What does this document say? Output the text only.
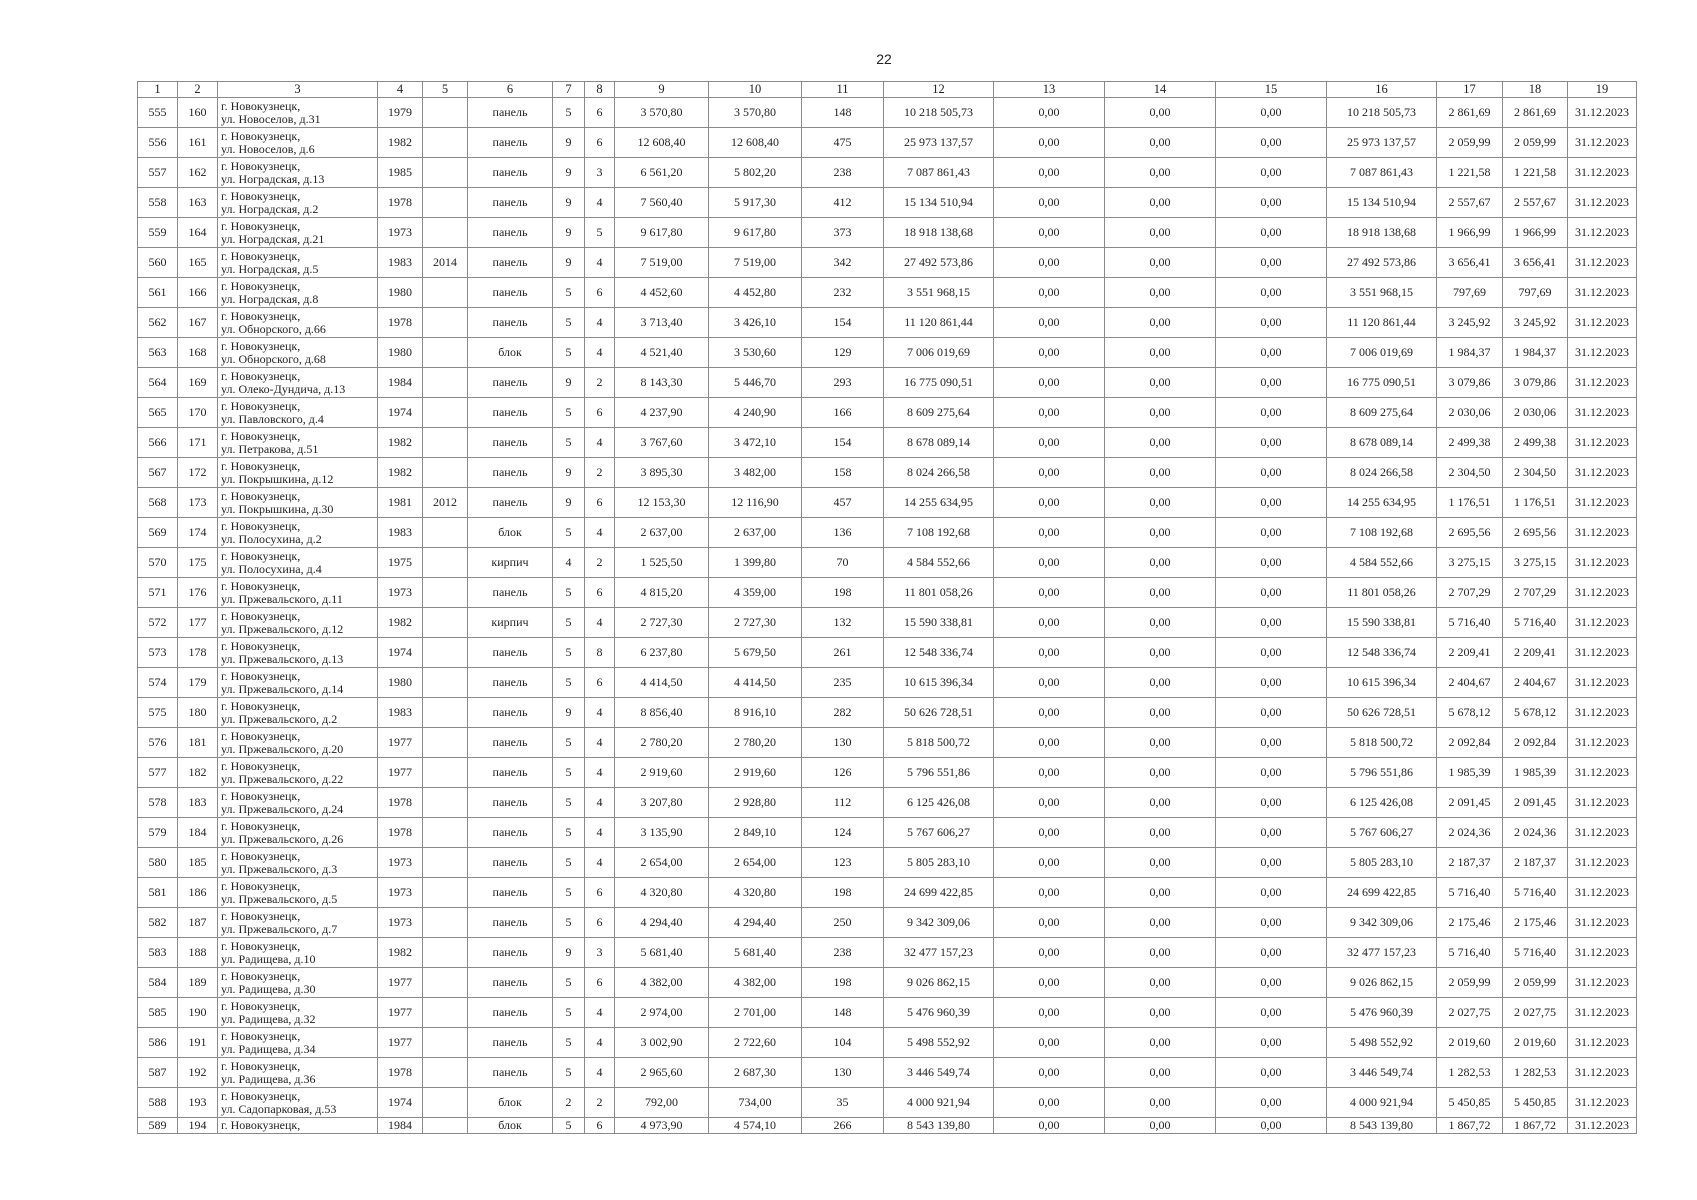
22
1	2	3	4	5	6	7	8	9	10	11	12	13	14	15	16	17	18	19
555	160	г. Новокузнецк,
ул. Новоселов, д.31	1979		панель	5	6	3 570,80	3 570,80	148	10 218 505,73	0,00	0,00	0,00	10 218 505,73	2 861,69	2 861,69	31.12.2023
556	161	г. Новокузнецк,
ул. Новоселов, д.6	1982		панель	9	6	12 608,40	12 608,40	475	25 973 137,57	0,00	0,00	0,00	25 973 137,57	2 059,99	2 059,99	31.12.2023
557	162	г. Новокузнецк,
ул. Ноградская, д.13	1985		панель	9	3	6 561,20	5 802,20	238	7 087 861,43	0,00	0,00	0,00	7 087 861,43	1 221,58	1 221,58	31.12.2023
558	163	г. Новокузнецк,
ул. Ноградская, д.2	1978		панель	9	4	7 560,40	5 917,30	412	15 134 510,94	0,00	0,00	0,00	15 134 510,94	2 557,67	2 557,67	31.12.2023
559	164	г. Новокузнецк,
ул. Ноградская, д.21	1973		панель	9	5	9 617,80	9 617,80	373	18 918 138,68	0,00	0,00	0,00	18 918 138,68	1 966,99	1 966,99	31.12.2023
560	165	г. Новокузнецк,
ул. Ноградская, д.5	1983	2014	панель	9	4	7 519,00	7 519,00	342	27 492 573,86	0,00	0,00	0,00	27 492 573,86	3 656,41	3 656,41	31.12.2023
561	166	г. Новокузнецк,
ул. Ноградская, д.8	1980		панель	5	6	4 452,60	4 452,80	232	3 551 968,15	0,00	0,00	0,00	3 551 968,15	797,69	797,69	31.12.2023
562	167	г. Новокузнецк,
ул. Обнорского, д.66	1978		панель	5	4	3 713,40	3 426,10	154	11 120 861,44	0,00	0,00	0,00	11 120 861,44	3 245,92	3 245,92	31.12.2023
563	168	г. Новокузнецк,
ул. Обнорского, д.68	1980		блок	5	4	4 521,40	3 530,60	129	7 006 019,69	0,00	0,00	0,00	7 006 019,69	1 984,37	1 984,37	31.12.2023
564	169	г. Новокузнецк,
ул. Олеко-Дундича, д.13	1984		панель	9	2	8 143,30	5 446,70	293	16 775 090,51	0,00	0,00	0,00	16 775 090,51	3 079,86	3 079,86	31.12.2023
565	170	г. Новокузнецк,
ул. Павловского, д.4	1974		панель	5	6	4 237,90	4 240,90	166	8 609 275,64	0,00	0,00	0,00	8 609 275,64	2 030,06	2 030,06	31.12.2023
566	171	г. Новокузнецк,
ул. Петракова, д.51	1982		панель	5	4	3 767,60	3 472,10	154	8 678 089,14	0,00	0,00	0,00	8 678 089,14	2 499,38	2 499,38	31.12.2023
567	172	г. Новокузнецк,
ул. Покрышкина, д.12	1982		панель	9	2	3 895,30	3 482,00	158	8 024 266,58	0,00	0,00	0,00	8 024 266,58	2 304,50	2 304,50	31.12.2023
568	173	г. Новокузнецк,
ул. Покрышкина, д.30	1981	2012	панель	9	6	12 153,30	12 116,90	457	14 255 634,95	0,00	0,00	0,00	14 255 634,95	1 176,51	1 176,51	31.12.2023
569	174	г. Новокузнецк,
ул. Полосухина, д.2	1983		блок	5	4	2 637,00	2 637,00	136	7 108 192,68	0,00	0,00	0,00	7 108 192,68	2 695,56	2 695,56	31.12.2023
570	175	г. Новокузнецк,
ул. Полосухина, д.4	1975		кирпич	4	2	1 525,50	1 399,80	70	4 584 552,66	0,00	0,00	0,00	4 584 552,66	3 275,15	3 275,15	31.12.2023
571	176	г. Новокузнецк,
ул. Пржевальского, д.11	1973		панель	5	6	4 815,20	4 359,00	198	11 801 058,26	0,00	0,00	0,00	11 801 058,26	2 707,29	2 707,29	31.12.2023
572	177	г. Новокузнецк,
ул. Пржевальского, д.12	1982		кирпич	5	4	2 727,30	2 727,30	132	15 590 338,81	0,00	0,00	0,00	15 590 338,81	5 716,40	5 716,40	31.12.2023
573	178	г. Новокузнецк,
ул. Пржевальского, д.13	1974		панель	5	8	6 237,80	5 679,50	261	12 548 336,74	0,00	0,00	0,00	12 548 336,74	2 209,41	2 209,41	31.12.2023
574	179	г. Новокузнецк,
ул. Пржевальского, д.14	1980		панель	5	6	4 414,50	4 414,50	235	10 615 396,34	0,00	0,00	0,00	10 615 396,34	2 404,67	2 404,67	31.12.2023
575	180	г. Новокузнецк,
ул. Пржевальского, д.2	1983		панель	9	4	8 856,40	8 916,10	282	50 626 728,51	0,00	0,00	0,00	50 626 728,51	5 678,12	5 678,12	31.12.2023
576	181	г. Новокузнецк,
ул. Пржевальского, д.20	1977		панель	5	4	2 780,20	2 780,20	130	5 818 500,72	0,00	0,00	0,00	5 818 500,72	2 092,84	2 092,84	31.12.2023
577	182	г. Новокузнецк,
ул. Пржевальского, д.22	1977		панель	5	4	2 919,60	2 919,60	126	5 796 551,86	0,00	0,00	0,00	5 796 551,86	1 985,39	1 985,39	31.12.2023
578	183	г. Новокузнецк,
ул. Пржевальского, д.24	1978		панель	5	4	3 207,80	2 928,80	112	6 125 426,08	0,00	0,00	0,00	6 125 426,08	2 091,45	2 091,45	31.12.2023
579	184	г. Новокузнецк,
ул. Пржевальского, д.26	1978		панель	5	4	3 135,90	2 849,10	124	5 767 606,27	0,00	0,00	0,00	5 767 606,27	2 024,36	2 024,36	31.12.2023
580	185	г. Новокузнецк,
ул. Пржевальского, д.3	1973		панель	5	4	2 654,00	2 654,00	123	5 805 283,10	0,00	0,00	0,00	5 805 283,10	2 187,37	2 187,37	31.12.2023
581	186	г. Новокузнецк,
ул. Пржевальского, д.5	1973		панель	5	6	4 320,80	4 320,80	198	24 699 422,85	0,00	0,00	0,00	24 699 422,85	5 716,40	5 716,40	31.12.2023
582	187	г. Новокузнецк,
ул. Пржевальского, д.7	1973		панель	5	6	4 294,40	4 294,40	250	9 342 309,06	0,00	0,00	0,00	9 342 309,06	2 175,46	2 175,46	31.12.2023
583	188	г. Новокузнецк,
ул. Радищева, д.10	1982		панель	9	3	5 681,40	5 681,40	238	32 477 157,23	0,00	0,00	0,00	32 477 157,23	5 716,40	5 716,40	31.12.2023
584	189	г. Новокузнецк,
ул. Радищева, д.30	1977		панель	5	6	4 382,00	4 382,00	198	9 026 862,15	0,00	0,00	0,00	9 026 862,15	2 059,99	2 059,99	31.12.2023
585	190	г. Новокузнецк,
ул. Радищева, д.32	1977		панель	5	4	2 974,00	2 701,00	148	5 476 960,39	0,00	0,00	0,00	5 476 960,39	2 027,75	2 027,75	31.12.2023
586	191	г. Новокузнецк,
ул. Радищева, д.34	1977		панель	5	4	3 002,90	2 722,60	104	5 498 552,92	0,00	0,00	0,00	5 498 552,92	2 019,60	2 019,60	31.12.2023
587	192	г. Новокузнецк,
ул. Радищева, д.36	1978		панель	5	4	2 965,60	2 687,30	130	3 446 549,74	0,00	0,00	0,00	3 446 549,74	1 282,53	1 282,53	31.12.2023
588	193	г. Новокузнецк,
ул. Садопарковая, д.53	1974		блок	2	2	792,00	734,00	35	4 000 921,94	0,00	0,00	0,00	4 000 921,94	5 450,85	5 450,85	31.12.2023
589	194	г. Новокузнецк,	1984		блок	5	6	4 973,90	4 574,10	266	8 543 139,80	0,00	0,00	0,00	8 543 139,80	1 867,72	1 867,72	31.12.2023
